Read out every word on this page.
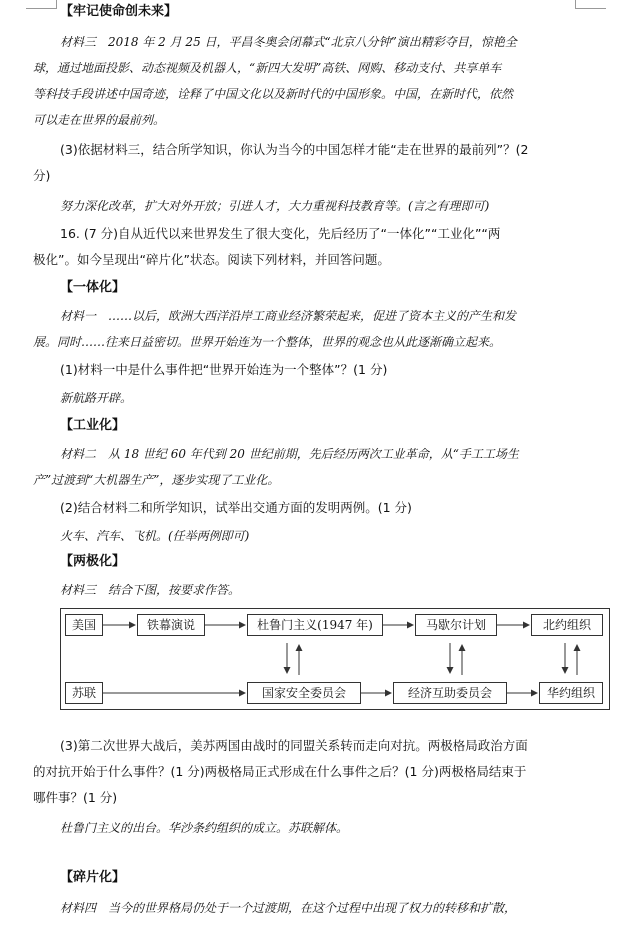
【牢记使命创未来】
材料三　2018 年 2 月 25 日，平昌冬奥会闭幕式“北京八分钟”演出精彩夺目，惊艳全
球，通过地面投影、动态视频及机器人，“新四大发明”高铁、网购、移动支付、共享单车
等科技手段讲述中国奇迹，诠释了中国文化以及新时代的中国形象。中国，在新时代，依然
可以走在世界的最前列。
(3)依据材料三，结合所学知识，你认为当今的中国怎样才能“走在世界的最前列”？(2
分)
努力深化改革，扩大对外开放；引进人才，大力重视科技教育等。(言之有理即可)
16. (7 分)自从近代以来世界发生了很大变化，先后经历了“一体化”“工业化”“两
极化”。如今呈现出“碎片化”状态。阅读下列材料，并回答问题。
【一体化】
材料一　……以后，欧洲大西洋沿岸工商业经济繁荣起来，促进了资本主义的产生和发
展。同时……往来日益密切。世界开始连为一个整体，世界的观念也从此逐渐确立起来。
(1)材料一中是什么事件把“世界开始连为一个整体”？(1 分)
新航路开辟。
【工业化】
材料二　从 18 世纪 60 年代到 20 世纪前期，先后经历两次工业革命，从“手工工场生
产”过渡到“大机器生产”，逐步实现了工业化。
(2)结合材料二和所学知识，试举出交通方面的发明两例。(1 分)
火车、汽车、飞机。(任举两例即可)
【两极化】
材料三　结合下图，按要求作答。
美国	铁幕演说	杜鲁门主义(1947 年)	马歇尔计划	北约组织
苏联	国家安全委员会	经济互助委员会	华约组织
(3)第二次世界大战后，美苏两国由战时的同盟关系转而走向对抗。两极格局政治方面
的对抗开始于什么事件？(1 分)两极格局正式形成在什么事件之后？(1 分)两极格局结束于
哪件事？(1 分)
杜鲁门主义的出台。华沙条约组织的成立。苏联解体。
【碎片化】
材料四　当今的世界格局仍处于一个过渡期，在这个过程中出现了权力的转移和扩散，
